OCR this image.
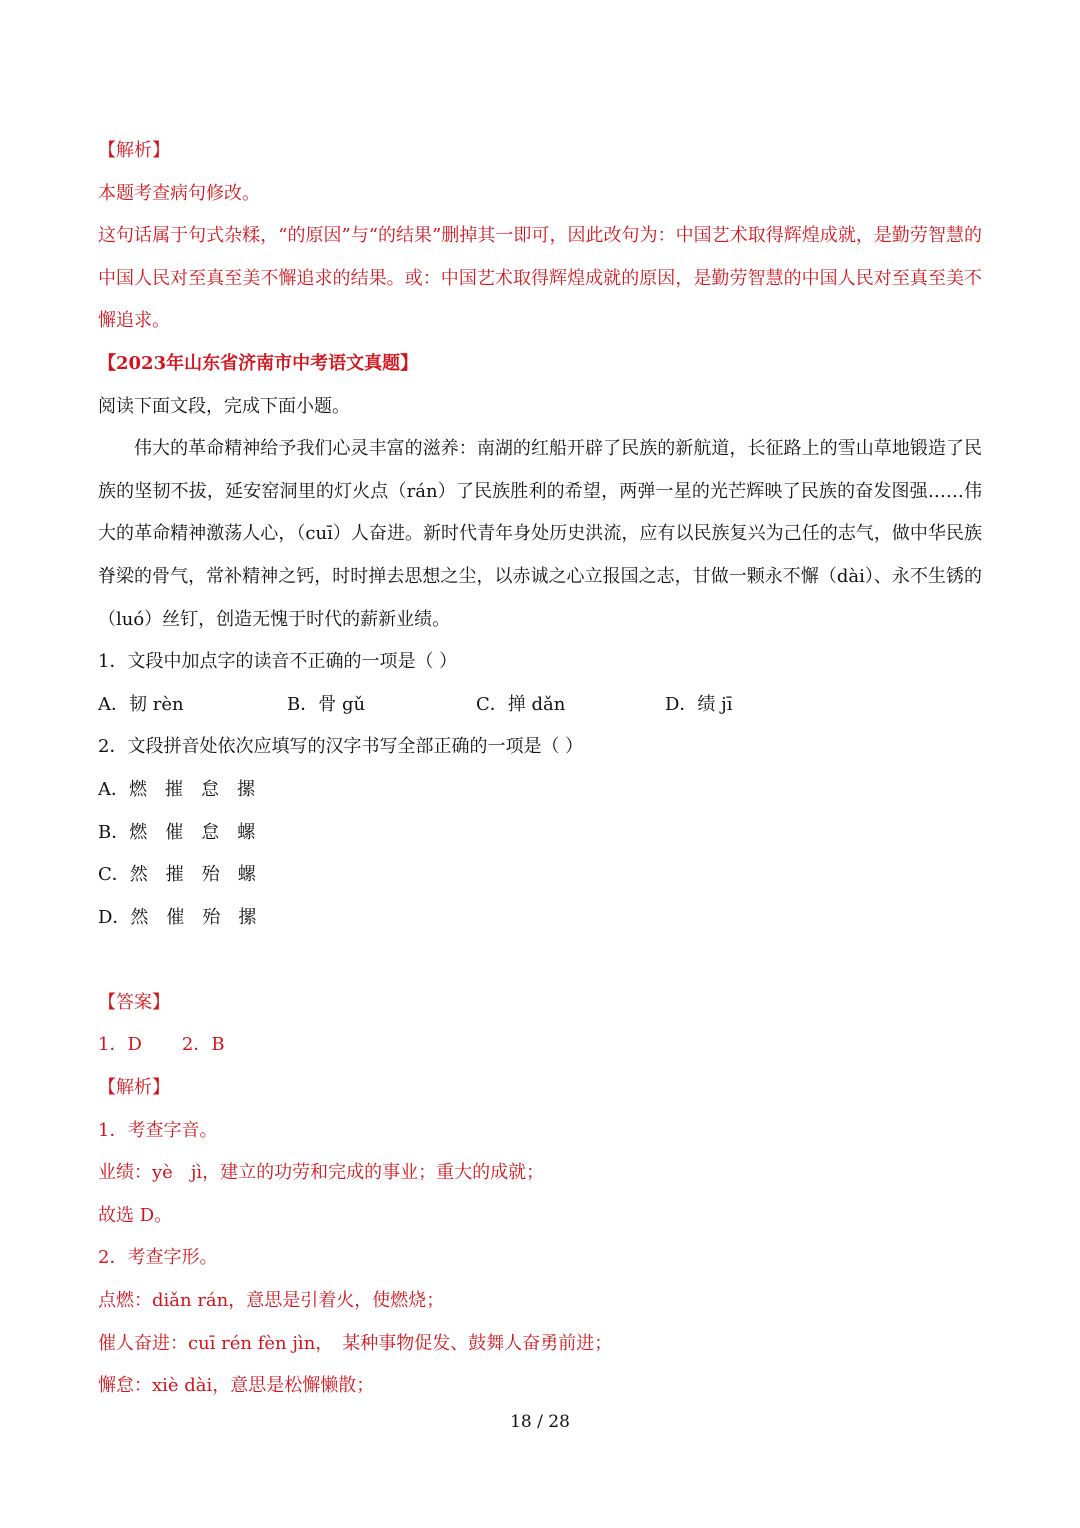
【解析】
本题考查病句修改。
这句话属于句式杂糅，“的原因”与“的结果”删掉其一即可，因此改句为：中国艺术取得辉煌成就，是勤劳智慧的中国人民对至真至美不懈追求的结果。或：中国艺术取得辉煌成就的原因，是勤劳智慧的中国人民对至真至美不懈追求。
【2023年山东省济南市中考语文真题】
阅读下面文段，完成下面小题。
伟大的革命精神给予我们心灵丰富的滋养：南湖的红船开辟了民族的新航道，长征路上的雪山草地锻造了民族的坚韧不拔，延安窑洞里的灯火点（rán）了民族胜利的希望，两弹一星的光芒辉映了民族的奋发图强……伟大的革命精神激荡人心，（cuī）人奋进。新时代青年身处历史洪流，应有以民族复兴为己任的志气，做中华民族脊梁的骨气，常补精神之钙，时时掸去思想之尘，以赤诚之心立报国之志，甘做一颗永不懈（dài）、永不生锈的（luó）丝钉，创造无愧于时代的薪新业绩。
1．文段中加点字的读音不正确的一项是（ ）
A．韧 rèn	B．骨 gǔ	C．掸 dǎn	D．绩 jī
2．文段拼音处依次应填写的汉字书写全部正确的一项是（ ）
A．燃　摧　怠　摞
B．燃　催　怠　螺
C．然　摧　殆　螺
D．然　催　殆　摞
【答案】
1．D 2．B
【解析】
1．考查字音。
业绩：yè　jì，建立的功劳和完成的事业；重大的成就；
故选 D。
2．考查字形。
点燃：diǎn rán，意思是引着火，使燃烧；
催人奋进：cuī rén fèn jìn，　某种事物促发、鼓舞人奋勇前进；
懈怠：xiè dài，意思是松懈懒散；
18 / 28
